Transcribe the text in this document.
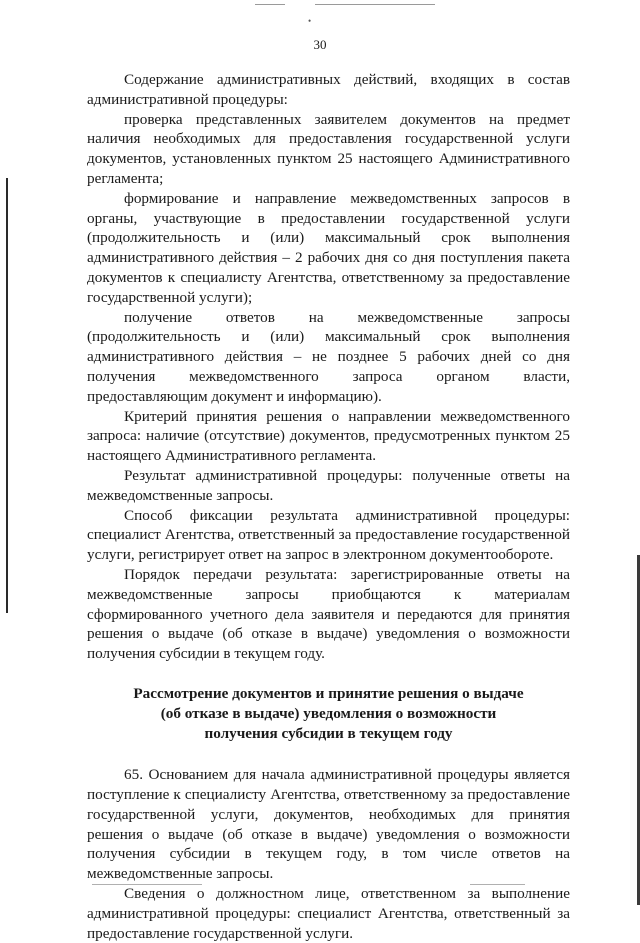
•
30

Содержание административных действий, входящих в состав административной процедуры:

проверка представленных заявителем документов на предмет наличия необходимых для предоставления государственной услуги документов, установленных пунктом 25 настоящего Административного регламента;

формирование и направление межведомственных запросов в органы, участвующие в предоставлении государственной услуги (продолжительность и (или) максимальный срок выполнения административного действия – 2 рабочих дня со дня поступления пакета документов к специалисту Агентства, ответственному за предоставление государственной услуги);

получение ответов на межведомственные запросы (продолжительность и (или) максимальный срок выполнения административного действия – не позднее 5 рабочих дней со дня получения межведомственного запроса органом власти, предоставляющим документ и информацию).

Критерий принятия решения о направлении межведомственного запроса: наличие (отсутствие) документов, предусмотренных пунктом 25 настоящего Административного регламента.

Результат административной процедуры: полученные ответы на межведомственные запросы.

Способ фиксации результата административной процедуры: специалист Агентства, ответственный за предоставление государственной услуги, регистрирует ответ на запрос в электронном документообороте.

Порядок передачи результата: зарегистрированные ответы на межведомственные запросы приобщаются к материалам сформированного учетного дела заявителя и передаются для принятия решения о выдаче (об отказе в выдаче) уведомления о возможности получения субсидии в текущем году.

Рассмотрение документов и принятие решения о выдаче
(об отказе в выдаче) уведомления о возможности
получения субсидии в текущем году

65. Основанием для начала административной процедуры является поступление к специалисту Агентства, ответственному за предоставление государственной услуги, документов, необходимых для принятия решения о выдаче (об отказе в выдаче) уведомления о возможности получения субсидии в текущем году, в том числе ответов на межведомственные запросы.

Сведения о должностном лице, ответственном за выполнение административной процедуры: специалист Агентства, ответственный за предоставление государственной услуги.
